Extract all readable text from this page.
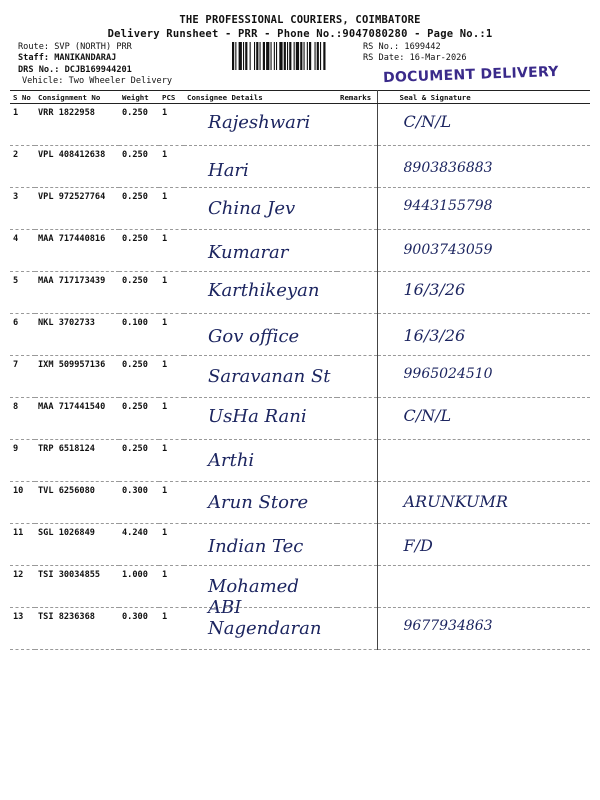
THE PROFESSIONAL COURIERS, COIMBATORE
Delivery Runsheet - PRR - Phone No.:9047080280 - Page No.:1
Route: SVP (NORTH) PRR
Staff: MANIKANDARAJ
DRS No.: DCJB169944201
Vehicle: Two Wheeler Delivery
RS No.: 1699442
RS Date: 16-Mar-2026
DOCUMENT DELIVERY
S No	Consignment No	Weight	PCS	Consignee Details	Remarks	Seal & Signature
1	VRR 1822958	0.250	1	Rajeshwari		C/N/L

2	VPL 408412638	0.250	1	Hari		8903836883

3	VPL 972527764	0.250	1	China Jev		9443155798

4	MAA 717440816	0.250	1	Kumarar		9003743059

5	MAA 717173439	0.250	1	Karthikeyan		16/3/26

6	NKL 3702733	0.100	1	Gov office		16/3/26

7	IXM 509957136	0.250	1	Saravanan St		9965024510

8	MAA 717441540	0.250	1	UsHa Rani		C/N/L

9	TRP 6518124	0.250	1	Arthi		

10	TVL 6256080	0.300	1	Arun Store		ARUNKUMR

11	SGL 1026849	4.240	1	Indian Tec		F/D

12	TSI 30034855	1.000	1	Mohamed ABI		

13	TSI 8236368	0.300	1	Nagendaran		9677934863
